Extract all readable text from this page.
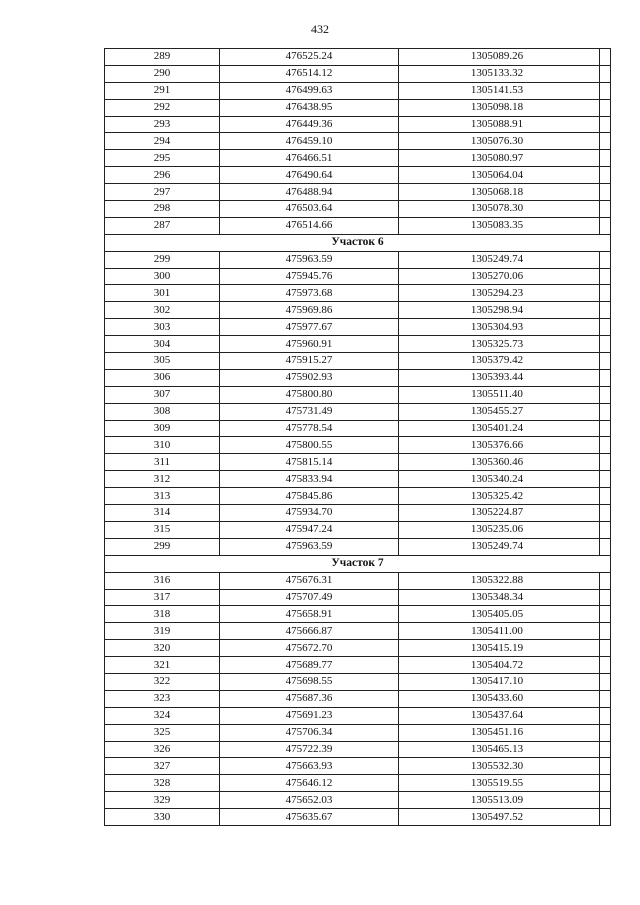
432
289	476525.24	1305089.26	
290	476514.12	1305133.32	
291	476499.63	1305141.53	
292	476438.95	1305098.18	
293	476449.36	1305088.91	
294	476459.10	1305076.30	
295	476466.51	1305080.97	
296	476490.64	1305064.04	
297	476488.94	1305068.18	
298	476503.64	1305078.30	
287	476514.66	1305083.35	
Участок 6			
299	475963.59	1305249.74	
300	475945.76	1305270.06	
301	475973.68	1305294.23	
302	475969.86	1305298.94	
303	475977.67	1305304.93	
304	475960.91	1305325.73	
305	475915.27	1305379.42	
306	475902.93	1305393.44	
307	475800.80	1305511.40	
308	475731.49	1305455.27	
309	475778.54	1305401.24	
310	475800.55	1305376.66	
311	475815.14	1305360.46	
312	475833.94	1305340.24	
313	475845.86	1305325.42	
314	475934.70	1305224.87	
315	475947.24	1305235.06	
299	475963.59	1305249.74	
Участок 7			
316	475676.31	1305322.88	
317	475707.49	1305348.34	
318	475658.91	1305405.05	
319	475666.87	1305411.00	
320	475672.70	1305415.19	
321	475689.77	1305404.72	
322	475698.55	1305417.10	
323	475687.36	1305433.60	
324	475691.23	1305437.64	
325	475706.34	1305451.16	
326	475722.39	1305465.13	
327	475663.93	1305532.30	
328	475646.12	1305519.55	
329	475652.03	1305513.09	
330	475635.67	1305497.52	
